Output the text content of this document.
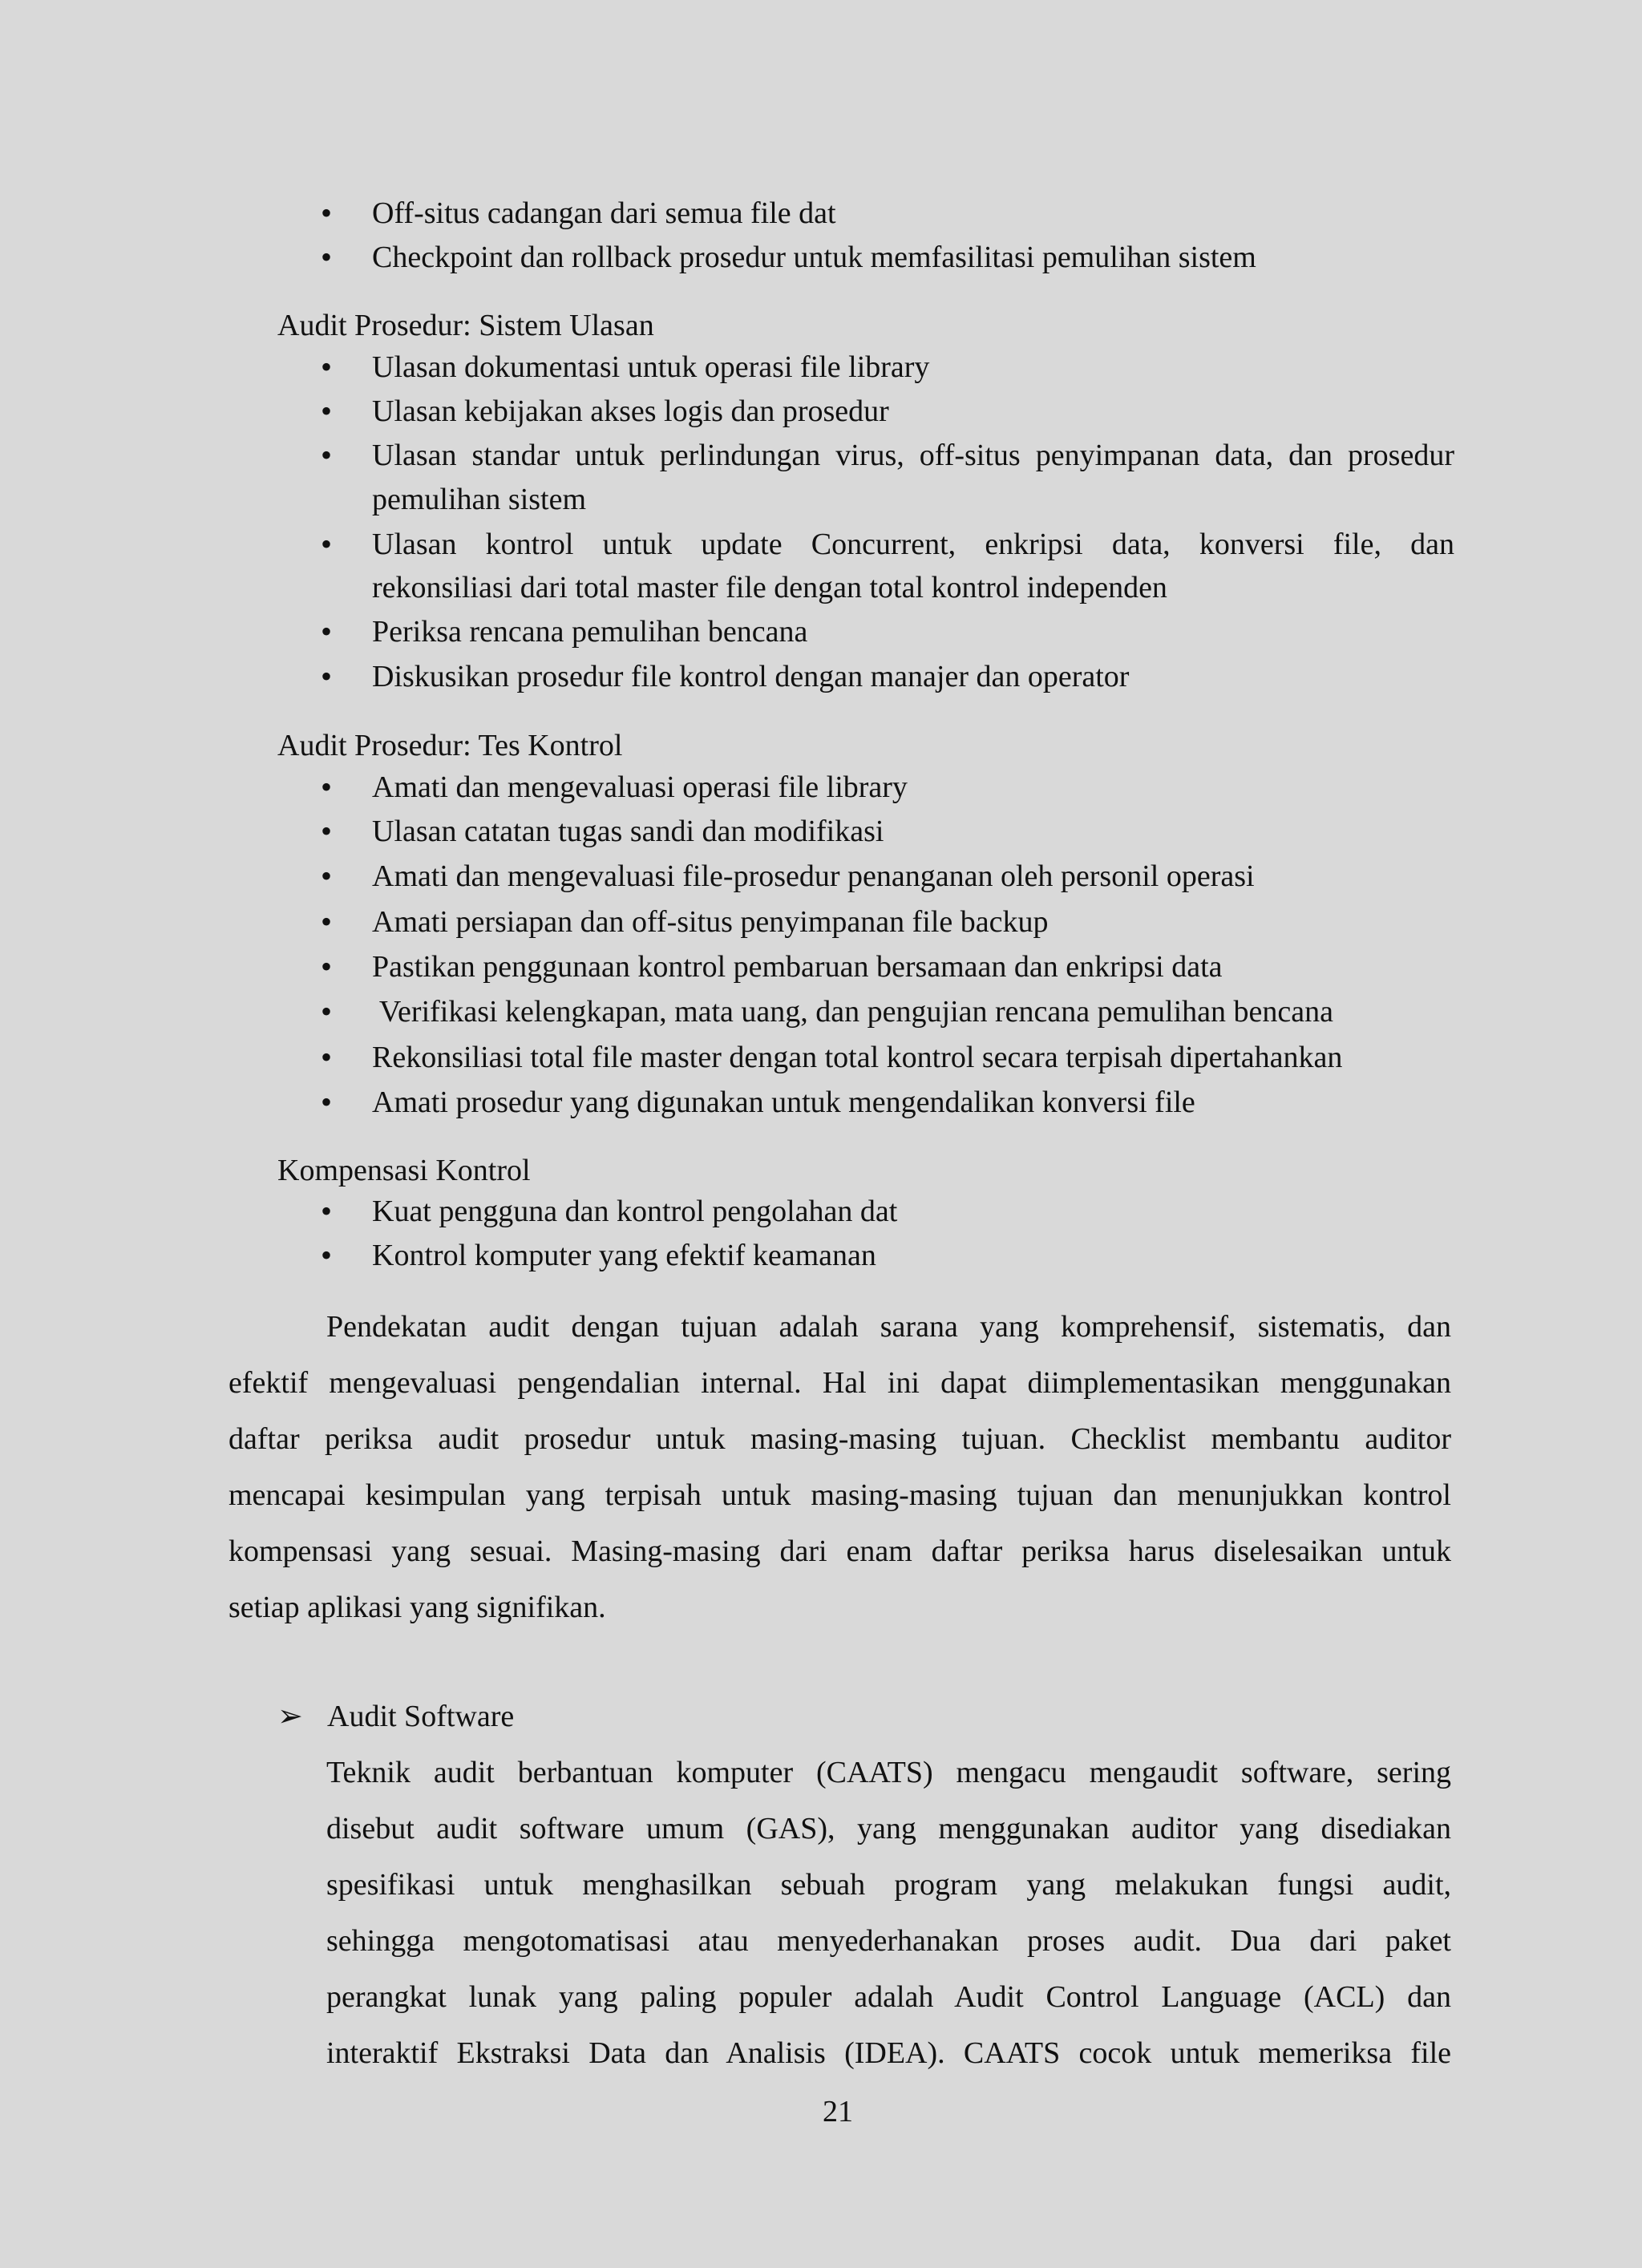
• Off-situs cadangan dari semua file dat
• Checkpoint dan rollback prosedur untuk memfasilitasi pemulihan sistem
Audit Prosedur: Sistem Ulasan
• Ulasan dokumentasi untuk operasi file library
• Ulasan kebijakan akses logis dan prosedur
• Ulasan standar untuk perlindungan virus, off-situs penyimpanan data, dan prosedur
pemulihan sistem
• Ulasan kontrol untuk update Concurrent, enkripsi data, konversi file, dan
rekonsiliasi dari total master file dengan total kontrol independen
• Periksa rencana pemulihan bencana
• Diskusikan prosedur file kontrol dengan manajer dan operator
Audit Prosedur: Tes Kontrol
• Amati dan mengevaluasi operasi file library
• Ulasan catatan tugas sandi dan modifikasi
• Amati dan mengevaluasi file-prosedur penanganan oleh personil operasi
• Amati persiapan dan off-situs penyimpanan file backup
• Pastikan penggunaan kontrol pembaruan bersamaan dan enkripsi data
• Verifikasi kelengkapan, mata uang, dan pengujian rencana pemulihan bencana
• Rekonsiliasi total file master dengan total kontrol secara terpisah dipertahankan
• Amati prosedur yang digunakan untuk mengendalikan konversi file
Kompensasi Kontrol
• Kuat pengguna dan kontrol pengolahan dat
• Kontrol komputer yang efektif keamanan
Pendekatan audit dengan tujuan adalah sarana yang komprehensif, sistematis, dan
efektif mengevaluasi pengendalian internal. Hal ini dapat diimplementasikan menggunakan
daftar periksa audit prosedur untuk masing-masing tujuan. Checklist membantu auditor
mencapai kesimpulan yang terpisah untuk masing-masing tujuan dan menunjukkan kontrol
kompensasi yang sesuai. Masing-masing dari enam daftar periksa harus diselesaikan untuk
setiap aplikasi yang signifikan.
➢ Audit Software
Teknik audit berbantuan komputer (CAATS) mengacu mengaudit software, sering
disebut audit software umum (GAS), yang menggunakan auditor yang disediakan
spesifikasi untuk menghasilkan sebuah program yang melakukan fungsi audit,
sehingga mengotomatisasi atau menyederhanakan proses audit. Dua dari paket
perangkat lunak yang paling populer adalah Audit Control Language (ACL) dan
interaktif Ekstraksi Data dan Analisis (IDEA). CAATS cocok untuk memeriksa file
21
